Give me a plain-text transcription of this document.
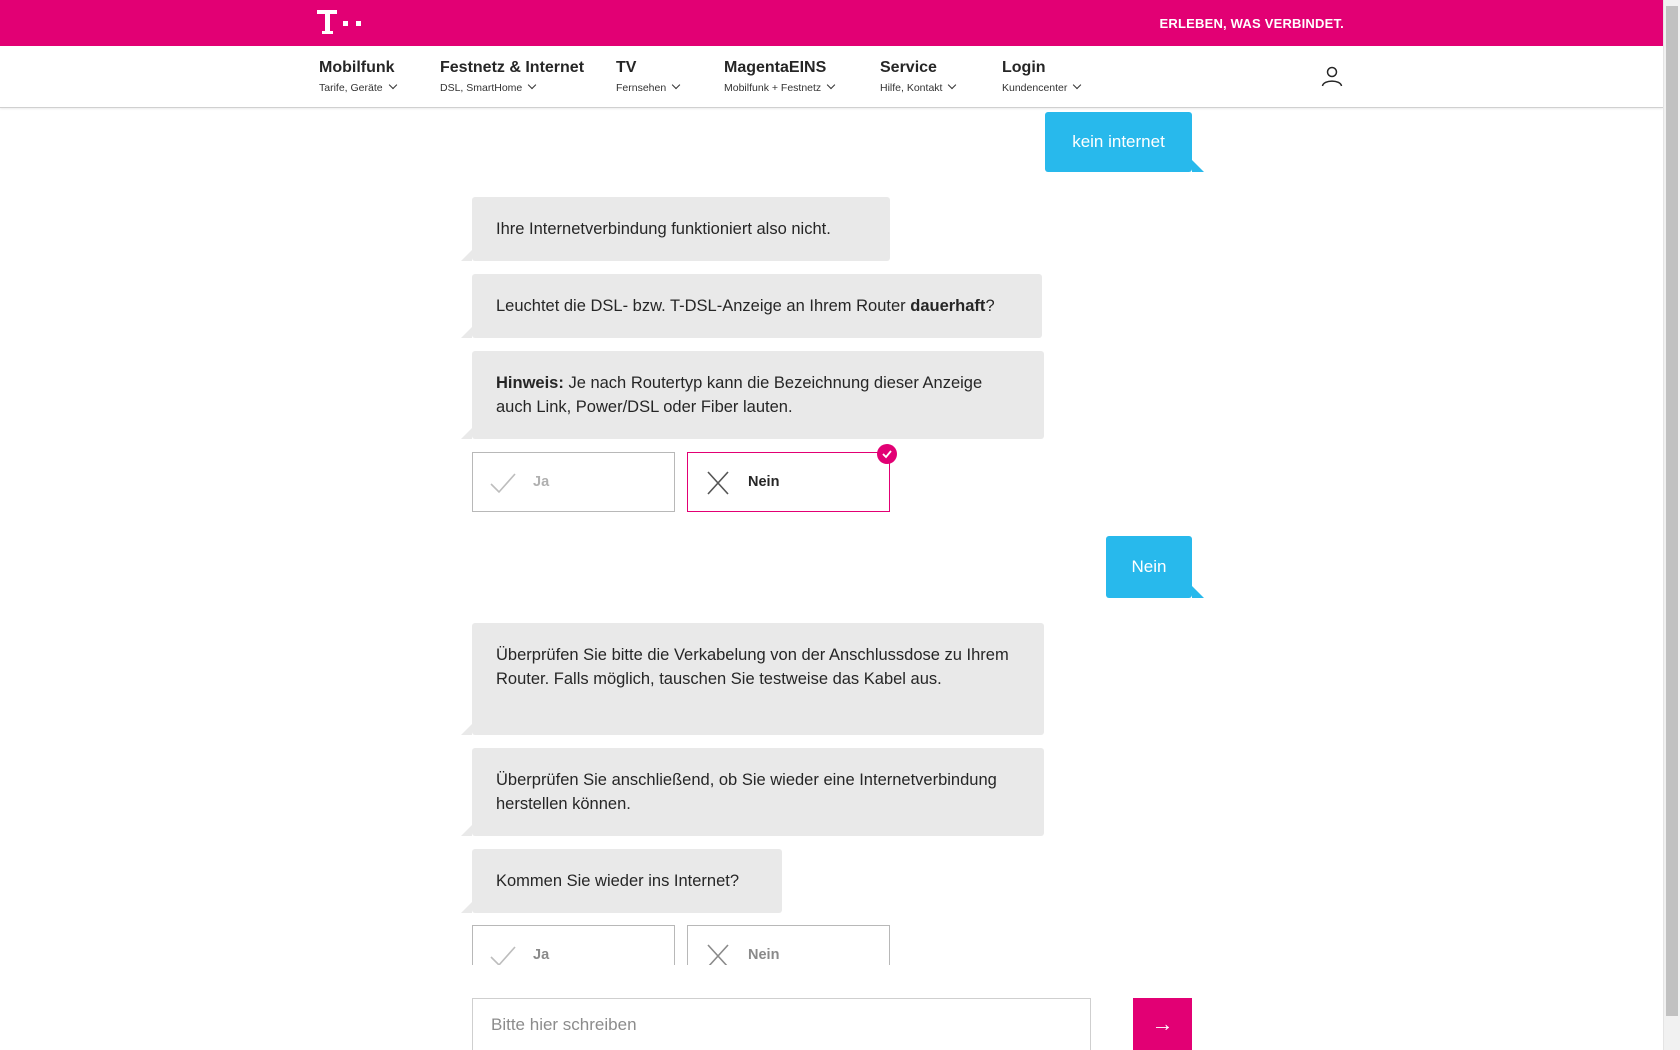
ERLEBEN, WAS VERBINDET.
Mobilfunk
Tarife, Geräte
Festnetz & Internet
DSL, SmartHome
TV
Fernsehen
MagentaEINS
Mobilfunk + Festnetz
Service
Hilfe, Kontakt
Login
Kundencenter
kein internet
Ihre Internetverbindung funktioniert also nicht.
Leuchtet die DSL- bzw. T-DSL-Anzeige an Ihrem Router dauerhaft?
Hinweis: Je nach Routertyp kann die Bezeichnung dieser Anzeige auch Link, Power/DSL oder Fiber lauten.
Ja	Nein
Nein
Überprüfen Sie bitte die Verkabelung von der Anschlussdose zu Ihrem Router. Falls möglich, tauschen Sie testweise das Kabel aus.
Überprüfen Sie anschließend, ob Sie wieder eine Internetverbindung herstellen können.
Kommen Sie wieder ins Internet?
Ja	Nein
Bitte hier schreiben
→
